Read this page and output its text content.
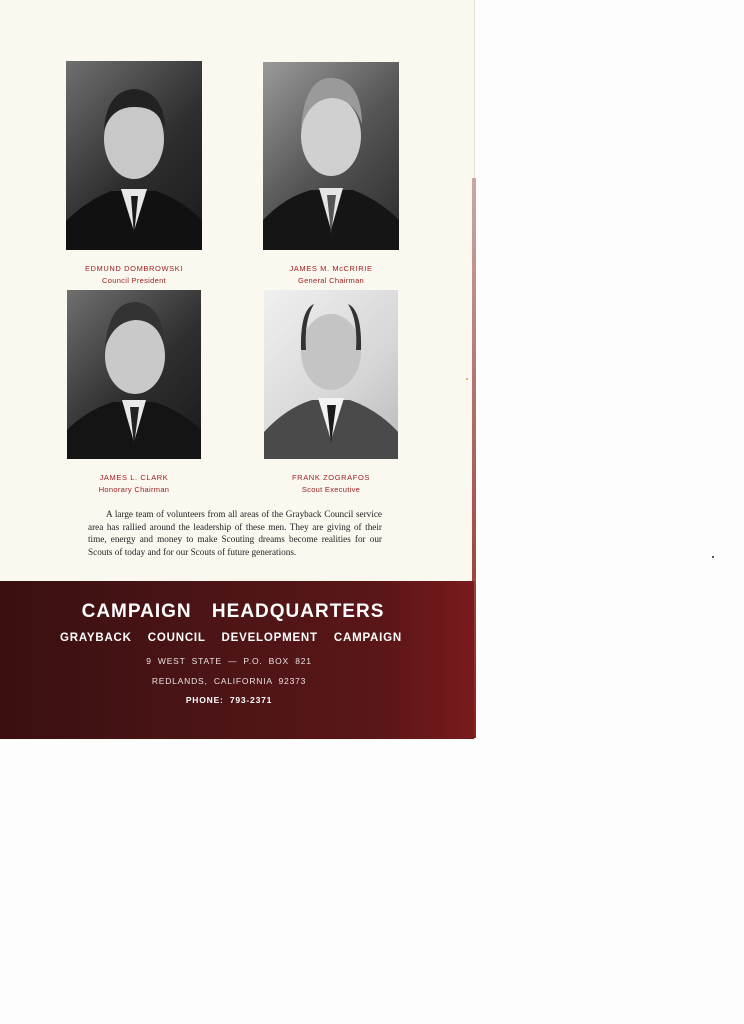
EDMUND DOMBROWSKI
Council President
JAMES M. McCRIRIE
General Chairman
JAMES L. CLARK
Honorary Chairman
FRANK ZOGRAFOS
Scout Executive

A large team of volunteers from all areas of the Grayback Council service area has rallied around the leadership of these men. They are giving of their time, energy and money to make Scouting dreams become realities for our Scouts of today and for our Scouts of future generations.

CAMPAIGN HEADQUARTERS
GRAYBACK COUNCIL DEVELOPMENT CAMPAIGN
9 WEST STATE — P.O. BOX 821
REDLANDS, CALIFORNIA 92373
PHONE: 793-2371
